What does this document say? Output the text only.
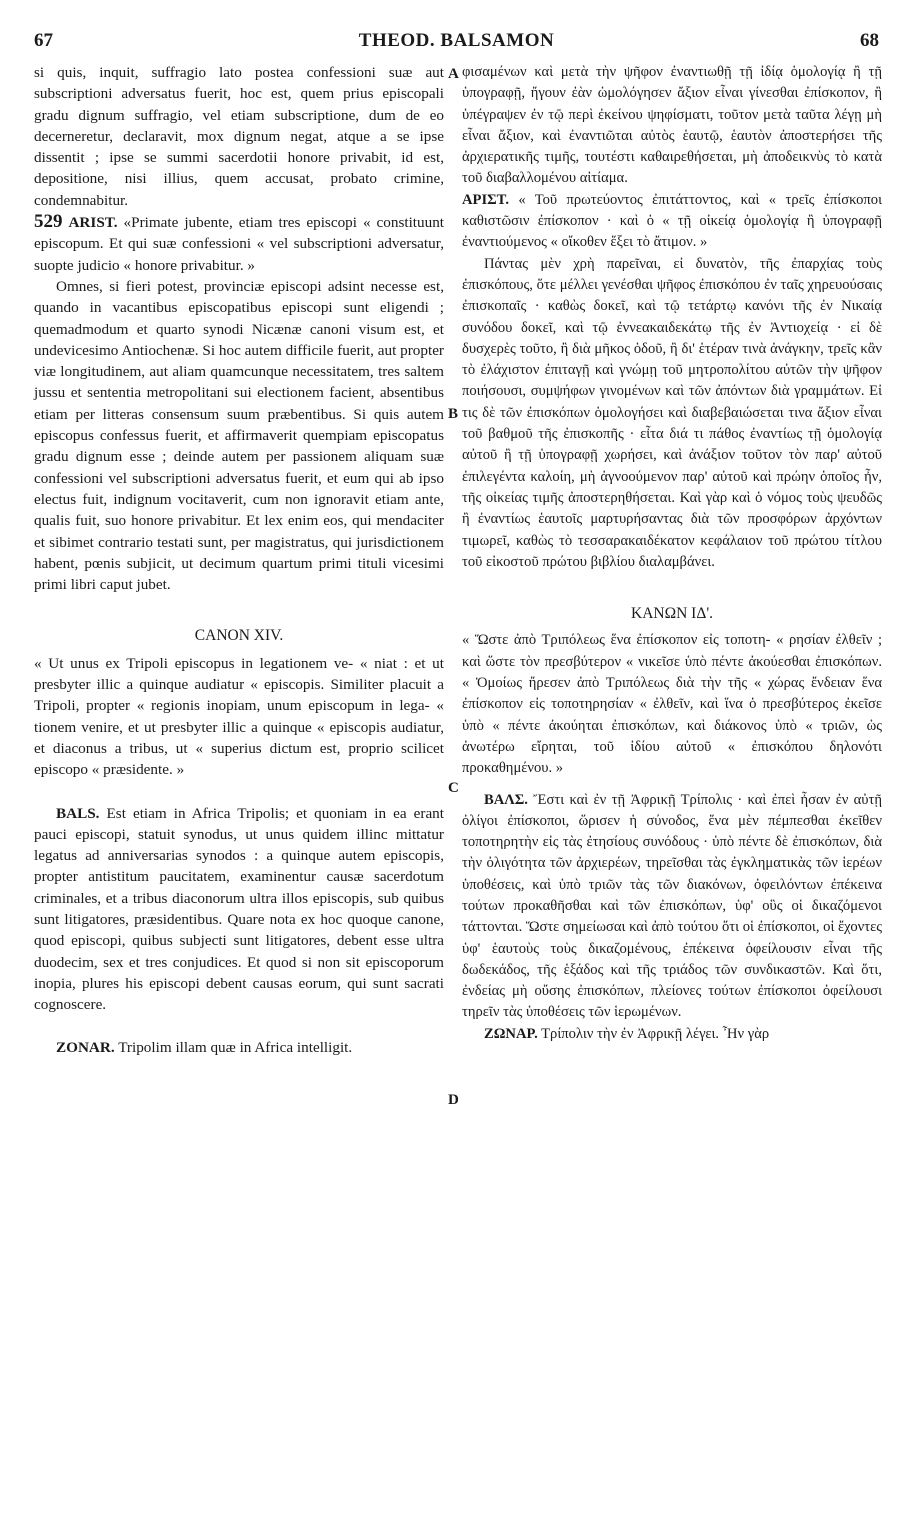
67	THEOD. BALSAMON	68
A
B
C
D

si quis, inquit, suffragio lato postea confessioni suæ aut subscriptioni adversatus fuerit, hoc est, quem prius episcopali gradu dignum suffragio, vel etiam subscriptione, dum de eo decerneretur, declaravit, mox dignum negat, atque a se ipse dissentit ; ipse se summi sacerdotii honore privabit, id est, depositione, nisi illius, quem accusat, probato crimine, condemnabitur.

529 ARIST. «Primate jubente, etiam tres episcopi « constituunt episcopum. Et qui suæ confessioni « vel subscriptioni adversatur, suopte judicio « honore privabitur. »

Omnes, si fieri potest, provinciæ episcopi adsint necesse est, quando in vacantibus episcopatibus episcopi sunt eligendi ; quemadmodum et quarto synodi Nicænæ canoni visum est, et undevicesimo Antiochenæ. Si hoc autem difficile fuerit, aut propter viæ longitudinem, aut aliam quamcunque necessitatem, tres saltem jussu et sententia metropolitani sui electionem facient, absentibus etiam per litteras consensum suum præbentibus. Si quis autem episcopus confessus fuerit, et affirmaverit quempiam episcopatus gradu dignum esse ; deinde autem per passionem aliquam suæ confessioni vel subscriptioni adversatus fuerit, et eum qui ab ipso electus fuit, indignum vocitaverit, cum non ignoravit etiam ante, qualis fuit, suo honore privabitur. Et lex enim eos, qui mendaciter et sibimet contrario testati sunt, per magistratus, qui jurisdictionem habent, pœnis subjicit, ut decimum quartum primi tituli vicesimi primi libri caput jubet.

CANON XIV.

« Ut unus ex Tripoli episcopus in legationem ve- « niat : et ut presbyter illic a quinque audiatur « episcopis. Similiter placuit a Tripoli, propter « regionis inopiam, unum episcopum in lega- « tionem venire, et ut presbyter illic a quinque « episcopis audiatur, et diaconus a tribus, ut « superius dictum est, proprio scilicet episcopo « præsidente. »

BALS. Est etiam in Africa Tripolis; et quoniam in ea erant pauci episcopi, statuit synodus, ut unus quidem illinc mittatur legatus ad anniversarias synodos : a quinque autem episcopis, propter antistitum paucitatem, examinentur causæ sacerdotum criminales, et a tribus diaconorum ultra illos episcopis, sub quibus sunt litigatores, præsidentibus. Quare nota ex hoc quoque canone, quod episcopi, quibus subjecti sunt litigatores, debent esse ultra duodecim, sex et tres conjudices. Et quod si non sit episcoporum inopia, plures his episcopi debent causas eorum, qui sunt sacrati cognoscere.

ZONAR. Tripolim illam quæ in Africa intelligit.

φισαμένων καὶ μετὰ τὴν ψῆφον ἐναντιωθῇ τῇ ἰδίᾳ ὁμολογίᾳ ἢ τῇ ὑπογραφῇ, ἤγουν ἐὰν ὡμολόγησεν ἄξιον εἶναι γίνεσθαι ἐπίσκοπον, ἢ ὑπέγραψεν ἐν τῷ περὶ ἐκείνου ψηφίσματι, τοῦτον μετὰ ταῦτα λέγῃ μὴ εἶναι ἄξιον, καὶ ἐναντιῶται αὐτὸς ἑαυτῷ, ἑαυτὸν ἀποστερήσει τῆς ἀρχιερατικῆς τιμῆς, τουτέστι καθαιρεθήσεται, μὴ ἀποδεικνὺς τὸ κατὰ τοῦ διαβαλλομένου αἰτίαμα.

ΑΡΙΣΤ. « Τοῦ πρωτεύοντος ἐπιτάττοντος, καὶ « τρεῖς ἐπίσκοποι καθιστῶσιν ἐπίσκοπον · καὶ ὁ « τῇ οἰκείᾳ ὁμολογίᾳ ἢ ὑπογραφῇ ἐναντιούμενος « οἴκοθεν ἕξει τὸ ἄτιμον. »

Πάντας μὲν χρὴ παρεῖναι, εἰ δυνατὸν, τῆς ἐπαρχίας τοὺς ἐπισκόπους, ὅτε μέλλει γενέσθαι ψῆφος ἐπισκόπου ἐν ταῖς χηρευούσαις ἐπισκοπαῖς · καθὼς δοκεῖ, καὶ τῷ τετάρτῳ κανόνι τῆς ἐν Νικαίᾳ συνόδου δοκεῖ, καὶ τῷ ἐννεακαιδεκάτῳ τῆς ἐν Ἀντιοχείᾳ · εἰ δὲ δυσχερὲς τοῦτο, ἢ διὰ μῆκος ὁδοῦ, ἢ δι' ἑτέραν τινὰ ἀνάγκην, τρεῖς κἂν τὸ ἐλάχιστον ἐπιταγῇ καὶ γνώμῃ τοῦ μητροπολίτου αὐτῶν τὴν ψῆφον ποιήσουσι, συμψήφων γινομένων καὶ τῶν ἀπόντων διὰ γραμμάτων. Εἰ τις δὲ τῶν ἐπισκόπων ὁμολογήσει καὶ διαβεβαιώσεται τινα ἄξιον εἶναι τοῦ βαθμοῦ τῆς ἐπισκοπῆς · εἶτα διά τι πάθος ἐναντίως τῇ ὁμολογίᾳ αὐτοῦ ἢ τῇ ὑπογραφῇ χωρήσει, καὶ ἀνάξιον τοῦτον τὸν παρ' αὐτοῦ ἐπιλεγέντα καλοίη, μὴ ἀγνοούμενον παρ' αὐτοῦ καὶ πρώην ὁποῖος ἦν, τῆς οἰκείας τιμῆς ἀποστερηθήσεται. Καὶ γὰρ καὶ ὁ νόμος τοὺς ψευδῶς ἢ ἐναντίως ἑαυτοῖς μαρτυρήσαντας διὰ τῶν προσφόρων ἀρχόντων τιμωρεῖ, καθὼς τὸ τεσσαρακαιδέκατον κεφάλαιον τοῦ πρώτου τίτλου τοῦ εἰκοστοῦ πρώτου βιβλίου διαλαμβάνει.

ΚΑΝΩΝ ΙΔ'.

« Ὥστε ἀπὸ Τριπόλεως ἕνα ἐπίσκοπον εἰς τοποτη- « ρησίαν ἐλθεῖν ; καὶ ὥστε τὸν πρεσβύτερον « νικεῖσε ὑπὸ πέντε ἀκούεσθαι ἐπισκόπων. « Ὁμοίως ἤρεσεν ἀπὸ Τριπόλεως διὰ τὴν τῆς « χώρας ἔνδειαν ἕνα ἐπίσκοπον εἰς τοποτηρησίαν « ἐλθεῖν, καὶ ἵνα ὁ πρεσβύτερος ἐκεῖσε ὑπὸ « πέντε ἀκούηται ἐπισκόπων, καὶ διάκονος ὑπὸ « τριῶν, ὡς ἀνωτέρω εἴρηται, τοῦ ἰδίου αὐτοῦ « ἐπισκόπου δηλονότι προκαθημένου. »

ΒΑΛΣ. Ἔστι καὶ ἐν τῇ Ἀφρικῇ Τρίπολις · καὶ ἐπεὶ ἦσαν ἐν αὐτῇ ὀλίγοι ἐπίσκοποι, ὥρισεν ἡ σύνοδος, ἕνα μὲν πέμπεσθαι ἐκεῖθεν τοποτηρητὴν εἰς τὰς ἐτησίους συνόδους · ὑπὸ πέντε δὲ ἐπισκόπων, διὰ τὴν ὀλιγότητα τῶν ἀρχιερέων, τηρεῖσθαι τὰς ἐγκληματικὰς τῶν ἱερέων ὑποθέσεις, καὶ ὑπὸ τριῶν τὰς τῶν διακόνων, ὀφειλόντων ἐπέκεινα τούτων προκαθῆσθαι καὶ τῶν ἐπισκόπων, ὑφ' οὓς οἱ δικαζόμενοι τάττονται. Ὥστε σημείωσαι καὶ ἀπὸ τούτου ὅτι οἱ ἐπίσκοποι, οἱ ἔχοντες ὑφ' ἑαυτοὺς τοὺς δικαζομένους, ἐπέκεινα ὀφείλουσιν εἶναι τῆς δωδεκάδος, τῆς ἑξάδος καὶ τῆς τριάδος τῶν συνδικαστῶν. Καὶ ὅτι, ἐνδείας μὴ οὔσης ἐπισκόπων, πλείονες τούτων ἐπίσκοποι ὀφείλουσι τηρεῖν τὰς ὑποθέσεις τῶν ἱερωμένων.

ΖΩΝΑΡ. Τρίπολιν τὴν ἐν Ἀφρικῇ λέγει. Ἦν γὰρ
